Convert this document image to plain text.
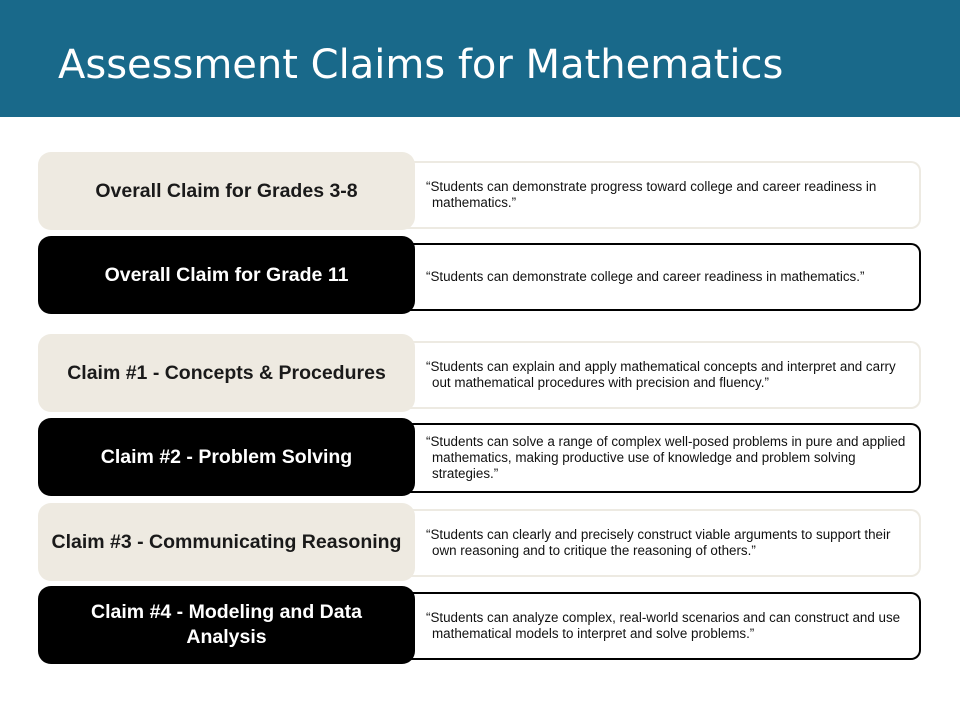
Assessment Claims for Mathematics
“Students can demonstrate progress toward college and career readiness in mathematics.”
Overall Claim for Grades 3-8
“Students can demonstrate college and career readiness in mathematics.”
Overall Claim for Grade 11
“Students can explain and apply mathematical concepts and interpret and carry out mathematical procedures with precision and fluency.”
Claim #1 - Concepts & Procedures
“Students can solve a range of complex well-posed problems in pure and applied mathematics, making productive use of knowledge and problem solving strategies.”
Claim #2 - Problem Solving
“Students can clearly and precisely construct viable arguments to support their own reasoning and to critique the reasoning of others.”
Claim #3 - Communicating Reasoning
“Students can analyze complex, real-world scenarios and can construct and use mathematical models to interpret and solve problems.”
Claim #4 - Modeling and Data Analysis
